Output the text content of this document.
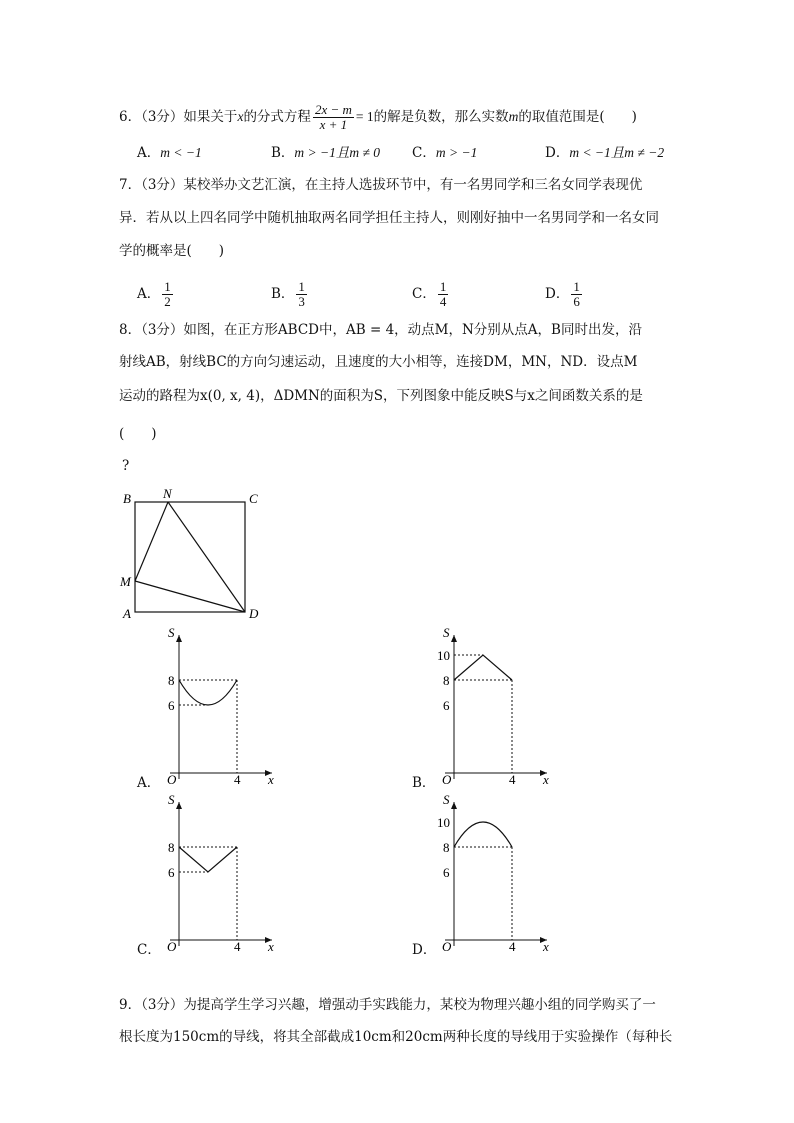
6．（3分）如果关于 x 的分式方程 $\frac{2x - m}{x + 1} = 1$ 的解是负数，那么实数 m 的取值范围是(　　)
A．m < −1	B．m > −1且m ≠ 0 C．m > −1	D．m < −1且m ≠ −2
7．（3分）某校举办文艺汇演，在主持人选拔环节中，有一名男同学和三名女同学表现优
异．若从以上四名同学中随机抽取两名同学担任主持人，则刚好抽中一名男同学和一名女同
学的概率是(　　)
A． $\frac{1}{2}$	B． $\frac{1}{3}$	C． $\frac{1}{4}$	D． $\frac{1}{6}$
8．（3分）如图，在正方形ABCD中，AB = 4，动点M，N分别从点A，B同时出发，沿
射线AB，射线BC的方向匀速运动，且速度的大小相等，连接DM，MN，ND．设点M
运动的路程为x(0, x, 4)，ΔDMN的面积为S，下列图象中能反映S与x之间函数关系的是
(　　)
?
B N	C
M
A	D
S
x
O	4
8
6
A．
S
x
O	4
10
8
6
B．
S
x
O	4
8
6
C．
S
x
O	4
10
8
6
D．
9．（3分）为提高学生学习兴趣，增强动手实践能力，某校为物理兴趣小组的同学购买了一
根长度为150cm的导线，将其全部截成10cm和20cm两种长度的导线用于实验操作（每种长
